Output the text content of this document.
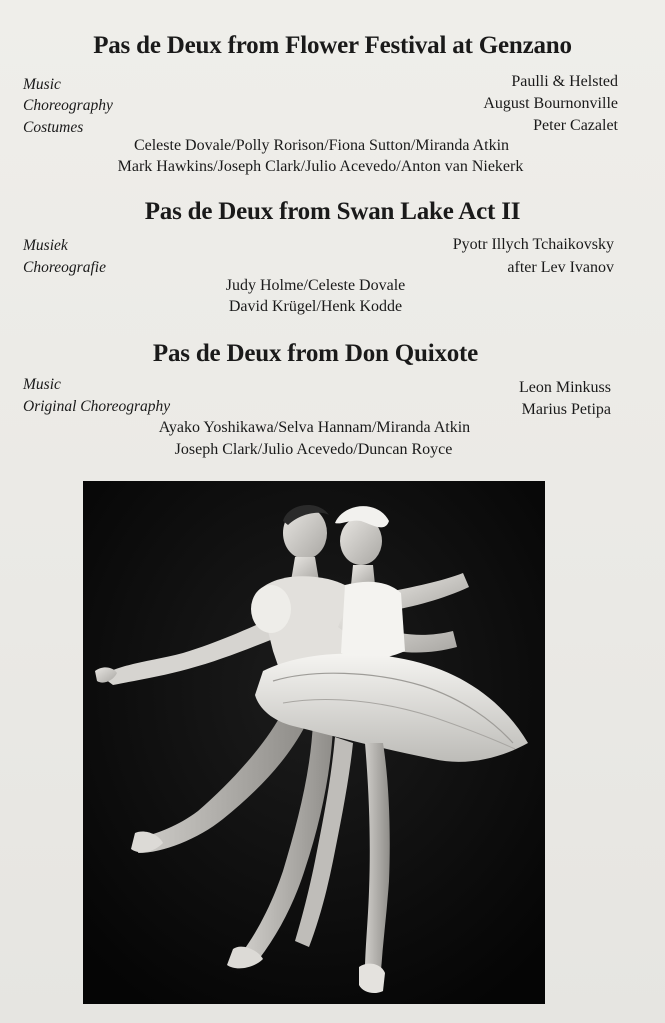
Pas de Deux from Flower Festival at Genzano
Music
Choreography
Costumes
Paulli & Helsted
August Bournonville
Peter Cazalet
Celeste Dovale/Polly Rorison/Fiona Sutton/Miranda Atkin
Mark Hawkins/Joseph Clark/Julio Acevedo/Anton van Niekerk
Pas de Deux from Swan Lake Act II
Musiek
Choreografie
Pyotr Illych Tchaikovsky
after Lev Ivanov
Judy Holme/Celeste Dovale
David Krügel/Henk Kodde
Pas de Deux from Don Quixote
Music
Original Choreography
Leon Minkuss
Marius Petipa
Ayako Yoshikawa/Selva Hannam/Miranda Atkin
Joseph Clark/Julio Acevedo/Duncan Royce
